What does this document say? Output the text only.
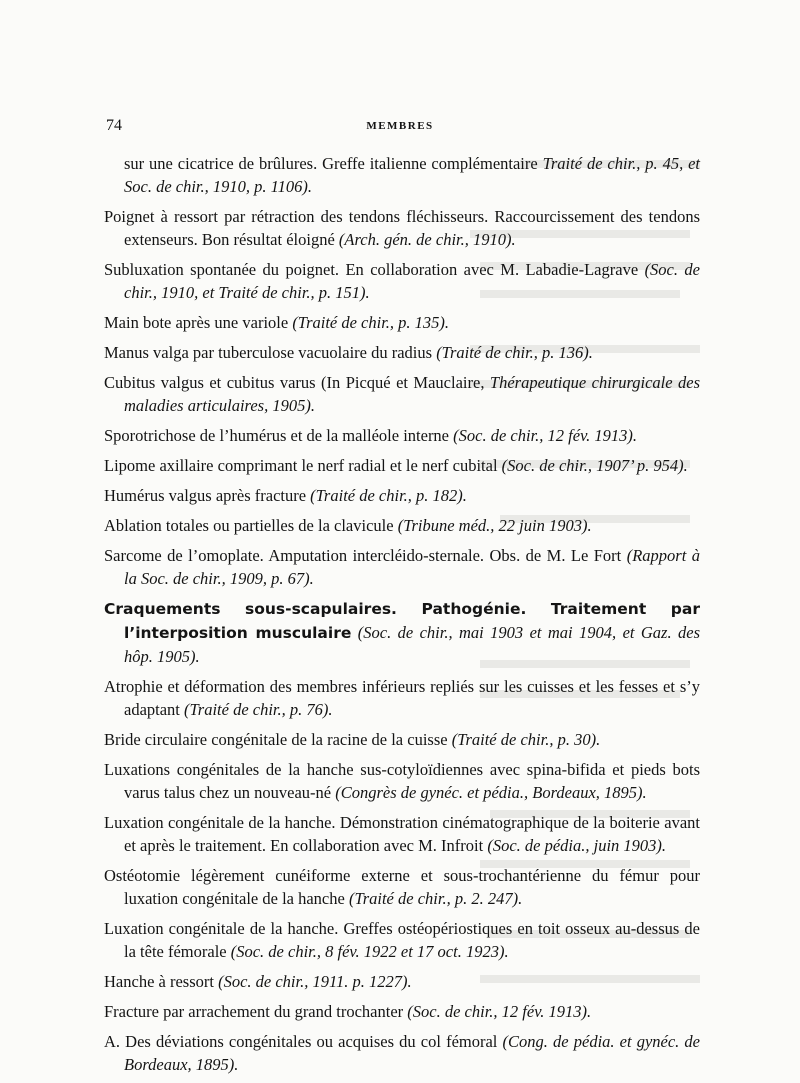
74	MEMBRES

sur une cicatrice de brûlures. Greffe italienne complémentaire Traité de chir., p. 45, et Soc. de chir., 1910, p. 1106).

Poignet à ressort par rétraction des tendons fléchisseurs. Raccourcissement des tendons extenseurs. Bon résultat éloigné (Arch. gén. de chir., 1910).

Subluxation spontanée du poignet. En collaboration avec M. Labadie-Lagrave (Soc. de chir., 1910, et Traité de chir., p. 151).

Main bote après une variole (Traité de chir., p. 135).

Manus valga par tuberculose vacuolaire du radius (Traité de chir., p. 136).

Cubitus valgus et cubitus varus (In Picqué et Mauclaire, Thérapeutique chirurgicale des maladies articulaires, 1905).

Sporotrichose de l’humérus et de la malléole interne (Soc. de chir., 12 fév. 1913).

Lipome axillaire comprimant le nerf radial et le nerf cubital (Soc. de chir., 1907’ p. 954).

Humérus valgus après fracture (Traité de chir., p. 182).

Ablation totales ou partielles de la clavicule (Tribune méd., 22 juin 1903).

Sarcome de l’omoplate. Amputation intercléido-sternale. Obs. de M. Le Fort (Rapport à la Soc. de chir., 1909, p. 67).

Craquements sous-scapulaires. Pathogénie. Traitement par l’interposition musculaire (Soc. de chir., mai 1903 et mai 1904, et Gaz. des hôp. 1905).

Atrophie et déformation des membres inférieurs repliés sur les cuisses et les fesses et s’y adaptant (Traité de chir., p. 76).

Bride circulaire congénitale de la racine de la cuisse (Traité de chir., p. 30).

Luxations congénitales de la hanche sus-cotyloïdiennes avec spina-bifida et pieds bots varus talus chez un nouveau-né (Congrès de gynéc. et pédia., Bordeaux, 1895).

Luxation congénitale de la hanche. Démonstration cinématographique de la boiterie avant et après le traitement. En collaboration avec M. Infroit (Soc. de pédia., juin 1903).

Ostéotomie légèrement cunéiforme externe et sous-trochantérienne du fémur pour luxation congénitale de la hanche (Traité de chir., p. 2. 247).

Luxation congénitale de la hanche. Greffes ostéopériostiques en toit osseux au-dessus de la tête fémorale (Soc. de chir., 8 fév. 1922 et 17 oct. 1923).

Hanche à ressort (Soc. de chir., 1911. p. 1227).

Fracture par arrachement du grand trochanter (Soc. de chir., 12 fév. 1913).

A. Des déviations congénitales ou acquises du col fémoral (Cong. de pédia. et gynéc. de Bordeaux, 1895).
